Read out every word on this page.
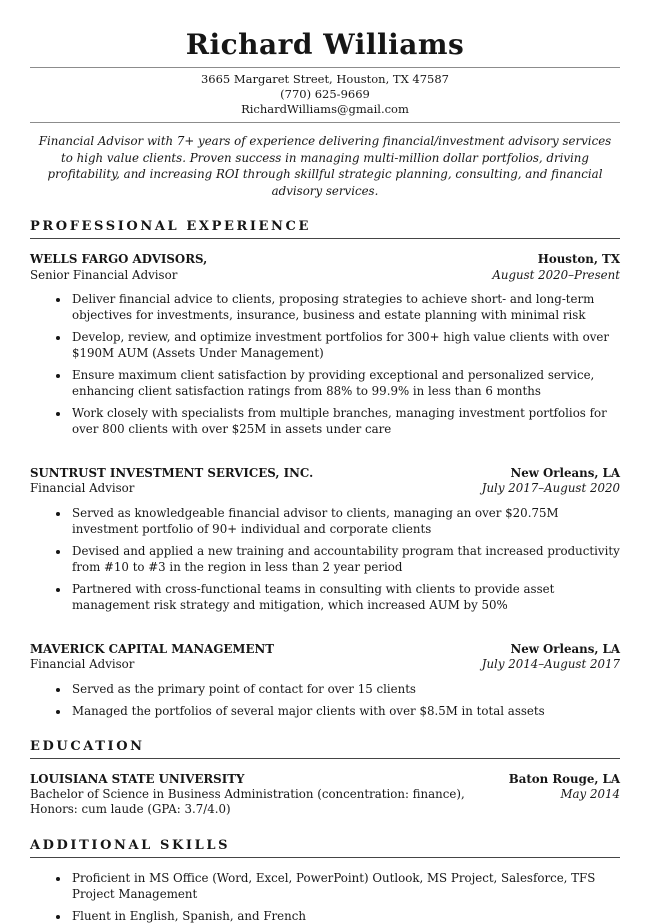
Richard Williams
3665 Margaret Street, Houston, TX 47587
(770) 625-9669
RichardWilliams@gmail.com

Financial Advisor with 7+ years of experience delivering financial/investment advisory services to high value clients. Proven success in managing multi-million dollar portfolios, driving profitability, and increasing ROI through skillful strategic planning, consulting, and financial advisory services.

PROFESSIONAL EXPERIENCE
WELLS FARGO ADVISORS,	Houston, TX
Senior Financial Advisor	August 2020–Present
• Deliver financial advice to clients, proposing strategies to achieve short- and long-term objectives for investments, insurance, business and estate planning with minimal risk
• Develop, review, and optimize investment portfolios for 300+ high value clients with over $190M AUM (Assets Under Management)
• Ensure maximum client satisfaction by providing exceptional and personalized service, enhancing client satisfaction ratings from 88% to 99.9% in less than 6 months
• Work closely with specialists from multiple branches, managing investment portfolios for over 800 clients with over $25M in assets under care
SUNTRUST INVESTMENT SERVICES, INC.	New Orleans, LA
Financial Advisor	July 2017–August 2020
• Served as knowledgeable financial advisor to clients, managing an over $20.75M investment portfolio of 90+ individual and corporate clients
• Devised and applied a new training and accountability program that increased productivity from #10 to #3 in the region in less than 2 year period
• Partnered with cross-functional teams in consulting with clients to provide asset management risk strategy and mitigation, which increased AUM by 50%
MAVERICK CAPITAL MANAGEMENT	New Orleans, LA
Financial Advisor	July 2014–August 2017
• Served as the primary point of contact for over 15 clients
• Managed the portfolios of several major clients with over $8.5M in total assets
EDUCATION
LOUISIANA STATE UNIVERSITY	Baton Rouge, LA
Bachelor of Science in Business Administration (concentration: finance),	May 2014
Honors: cum laude (GPA: 3.7/4.0)
ADDITIONAL SKILLS
• Proficient in MS Office (Word, Excel, PowerPoint) Outlook, MS Project, Salesforce, TFS Project Management
• Fluent in English, Spanish, and French
